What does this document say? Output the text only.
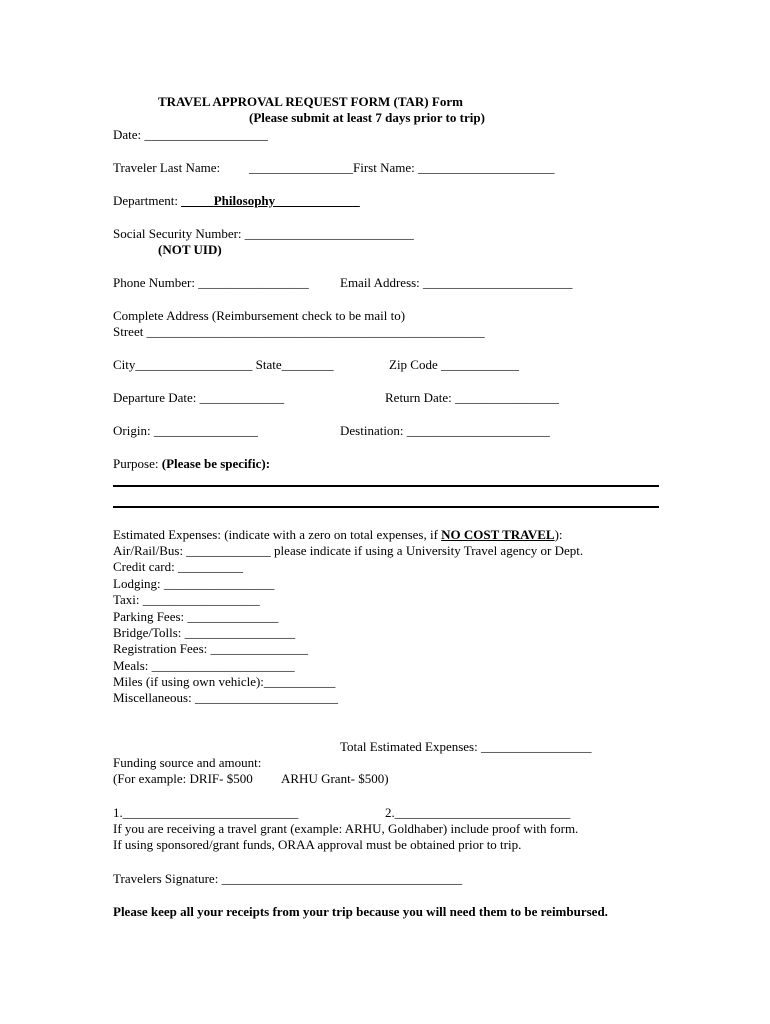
TRAVEL APPROVAL REQUEST FORM (TAR) Form
(Please submit at least 7 days prior to trip)
Date: ___________________
Traveler Last Name: ________________First Name: _____________________
Department: _____Philosophy_____________
Social Security Number: __________________________
(NOT UID)
Phone Number: _________________ Email Address: _______________________
Complete Address (Reimbursement check to be mail to)
Street ____________________________________________________
City__________________ State________	Zip Code ____________
Departure Date: _____________	Return Date: ________________
Origin: ________________	Destination: ______________________
Purpose: (Please be specific):
Estimated Expenses: (indicate with a zero on total expenses, if NO COST TRAVEL):
Air/Rail/Bus: _____________ please indicate if using a University Travel agency or Dept.
Credit card: __________
Lodging: _________________
Taxi: __________________
Parking Fees: ______________
Bridge/Tolls: _________________
Registration Fees: _______________
Meals: ______________________
Miles (if using own vehicle):___________
Miscellaneous: ______________________
Total Estimated Expenses: _________________
Funding source and amount:
(For example: DRIF- $500 ARHU Grant- $500)
1.___________________________	2.___________________________
If you are receiving a travel grant (example: ARHU, Goldhaber) include proof with form.
If using sponsored/grant funds, ORAA approval must be obtained prior to trip.
Travelers Signature: _____________________________________
Please keep all your receipts from your trip because you will need them to be reimbursed.
